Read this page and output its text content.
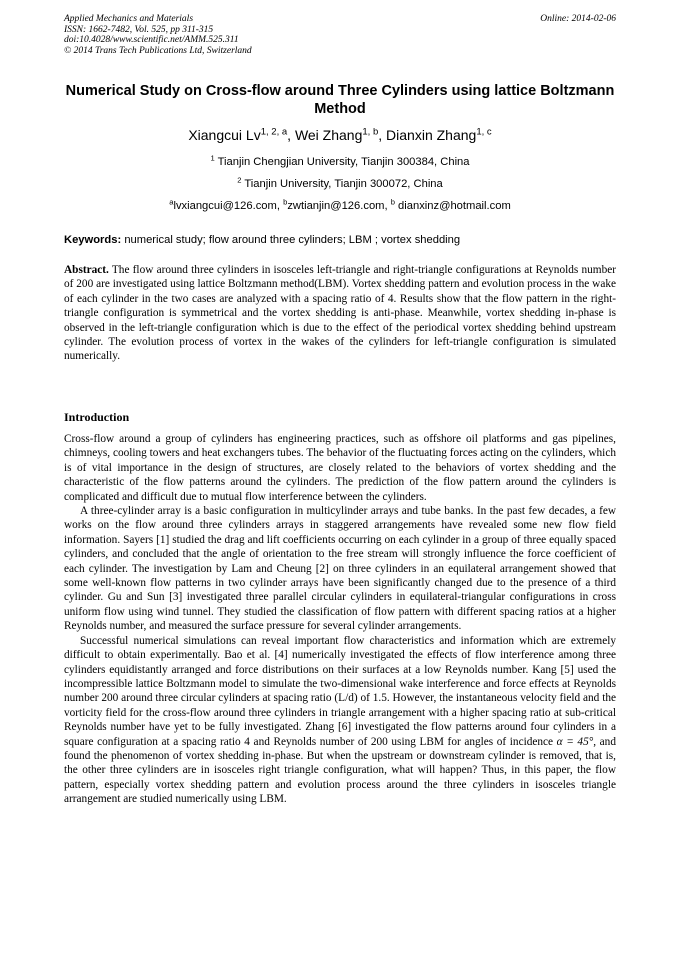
Applied Mechanics and Materials
ISSN: 1662-7482, Vol. 525, pp 311-315
doi:10.4028/www.scientific.net/AMM.525.311
© 2014 Trans Tech Publications Ltd, Switzerland
Online: 2014-02-06
Numerical Study on Cross-flow around Three Cylinders using lattice Boltzmann Method
Xiangcui Lv$^{1, 2, a}$, Wei Zhang$^{1, b}$, Dianxin Zhang$^{1, c}$
$^1$ Tianjin Chengjian University, Tianjin 300384, China
$^2$ Tianjin University, Tianjin 300072, China
$^a$lvxiangcui@126.com, $^b$zwtianjin@126.com, $^b$ dianxinz@hotmail.com
Keywords: numerical study; flow around three cylinders; LBM ; vortex shedding
Abstract. The flow around three cylinders in isosceles left-triangle and right-triangle configurations at Reynolds number of 200 are investigated using lattice Boltzmann method(LBM). Vortex shedding pattern and evolution process in the wake of each cylinder in the two cases are analyzed with a spacing ratio of 4. Results show that the flow pattern in the right-triangle configuration is symmetrical and the vortex shedding is anti-phase. Meanwhile, vortex shedding in-phase is observed in the left-triangle configuration which is due to the effect of the periodical vortex shedding behind upstream cylinder. The evolution process of vortex in the wakes of the cylinders for left-triangle configuration is simulated numerically.
Introduction

Cross-flow around a group of cylinders has engineering practices, such as offshore oil platforms and gas pipelines, chimneys, cooling towers and heat exchangers tubes. The behavior of the fluctuating forces acting on the cylinders, which is of vital importance in the design of structures, are closely related to the behaviors of vortex shedding and the characteristic of the flow patterns around the cylinders. The prediction of the flow pattern around the cylinders is complicated and difficult due to mutual flow interference between the cylinders.

A three-cylinder array is a basic configuration in multicylinder arrays and tube banks. In the past few decades, a few works on the flow around three cylinders arrays in staggered arrangements have revealed some new flow field information. Sayers [1] studied the drag and lift coefficients occurring on each cylinder in a group of three equally spaced cylinders, and concluded that the angle of orientation to the free stream will strongly influence the force coefficient of each cylinder. The investigation by Lam and Cheung [2] on three cylinders in an equilateral arrangement showed that some well-known flow patterns in two cylinder arrays have been significantly changed due to the presence of a third cylinder. Gu and Sun [3] investigated three parallel circular cylinders in equilateral-triangular configurations in cross uniform flow using wind tunnel. They studied the classification of flow pattern with different spacing ratios at a higher Reynolds number, and measured the surface pressure for several cylinder arrangements.

Successful numerical simulations can reveal important flow characteristics and information which are extremely difficult to obtain experimentally. Bao et al. [4] numerically investigated the effects of flow interference among three cylinders equidistantly arranged and force distributions on their surfaces at a low Reynolds number. Kang [5] used the incompressible lattice Boltzmann model to simulate the two-dimensional wake interference and force effects at Reynolds number 200 around three circular cylinders at spacing ratio (L/d) of 1.5. However, the instantaneous velocity field and the vorticity field for the cross-flow around three cylinders in triangle arrangement with a higher spacing ratio at sub-critical Reynolds number have yet to be fully investigated. Zhang [6] investigated the flow patterns around four cylinders in a square configuration at a spacing ratio 4 and Reynolds number of 200 using LBM for angles of incidence α = 45°, and found the phenomenon of vortex shedding in-phase. But when the upstream or downstream cylinder is removed, that is, the other three cylinders are in isosceles right triangle configuration, what will happen? Thus, in this paper, the flow pattern, especially vortex shedding pattern and evolution process around the three cylinders in isosceles triangle arrangement are studied numerically using LBM.
